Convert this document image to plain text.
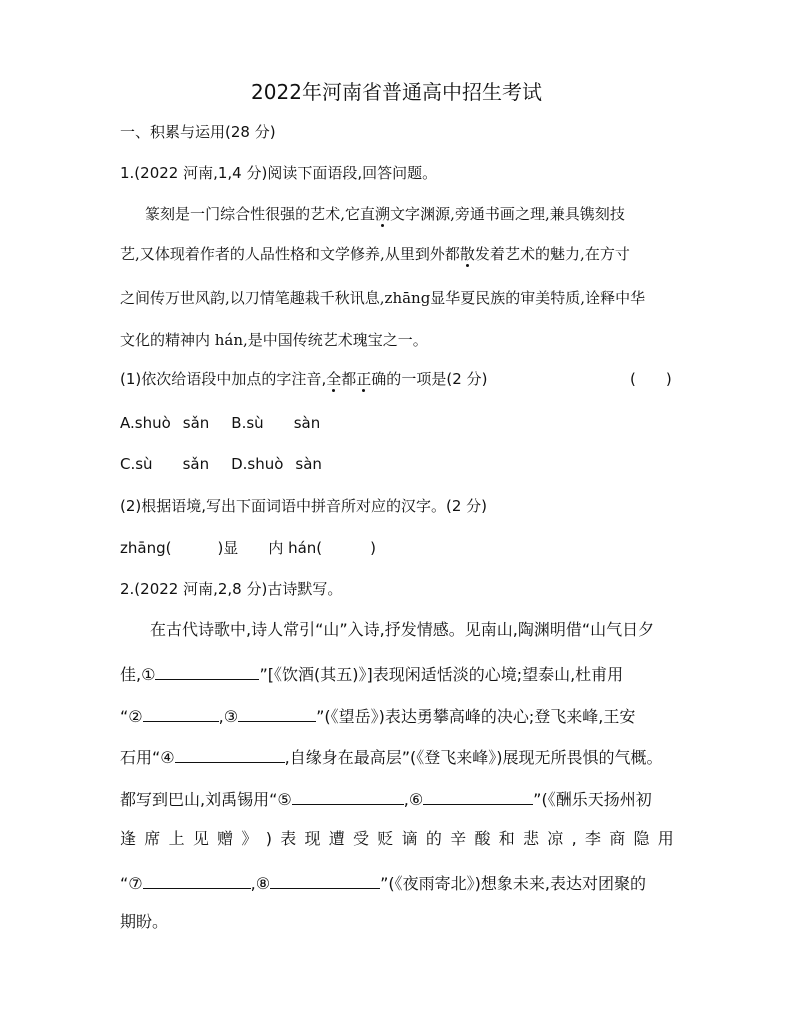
2022年河南省普通高中招生考试
一、积累与运用(28 分)
1.(2022 河南,1,4 分)阅读下面语段,回答问题。
篆刻是一门综合性很强的艺术,它直溯文字渊源,旁通书画之理,兼具镌刻技
艺,又体现着作者的人品性格和文学修养,从里到外都散发着艺术的魅力,在方寸
之间传万世风韵,以刀情笔趣栽千秋讯息,zhāng显华夏民族的审美特质,诠释中华
文化的精神内 hán,是中国传统艺术瑰宝之一。
(1)依次给语段中加点的字注音,全都正确的一项是(2 分)	(　　)
A.shuò sǎn B.sù sàn
C.sù sǎn D.shuò sàn
(2)根据语境,写出下面词语中拼音所对应的汉字。(2 分)
zhāng(	)显 内 hán(	)
2.(2022 河南,2,8 分)古诗默写。
在古代诗歌中,诗人常引“山”入诗,抒发情感。见南山,陶渊明借“山气日夕
佳,①	”[《饮酒(其五)》]表现闲适恬淡的心境;望泰山,杜甫用
“②	,③	”(《望岳》)表达勇攀高峰的决心;登飞来峰,王安
石用“④	,自缘身在最高层”(《登飞来峰》)展现无所畏惧的气概。
都写到巴山,刘禹锡用“⑤	,⑥	”(《酬乐天扬州初
逢 席 上 见 赠 》 ) 表 现 遭 受 贬 谪 的 辛 酸 和 悲 凉 , 李 商 隐 用
“⑦	,⑧	”(《夜雨寄北》)想象未来,表达对团聚的
期盼。
